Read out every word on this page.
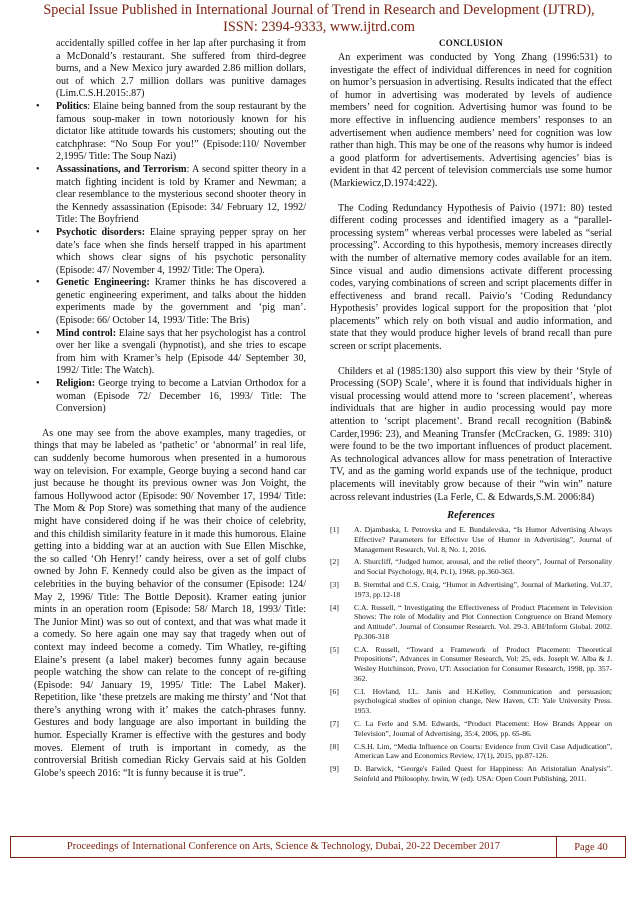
Special Issue Published in International Journal of Trend in Research and Development (IJTRD),
ISSN: 2394-9333, www.ijtrd.com
accidentally spilled coffee in her lap after purchasing it from a McDonald’s restaurant. She suffered from third-degree burns, and a New Mexico jury awarded 2.86 million dollars, out of which 2.7 million dollars was punitive damages (Lim.C.S.H.2015:.87)
• Politics: Elaine being banned from the soup restaurant by the famous soup-maker in town notoriously known for his dictator like attitude towards his customers; shouting out the catchphrase: “No Soup For you!” (Episode:110/ November 2,1995/ Title: The Soup Nazi)
• Assassinations, and Terrorism: A second spitter theory in a match fighting incident is told by Kramer and Newman; a clear resemblance to the mysterious second shooter theory in the Kennedy assassination (Episode: 34/ February 12, 1992/ Title: The Boyfriend
• Psychotic disorders: Elaine spraying pepper spray on her date’s face when she finds herself trapped in his apartment which shows clear signs of his psychotic personality (Episode: 47/ November 4, 1992/ Title: The Opera).
• Genetic Engineering: Kramer thinks he has discovered a genetic engineering experiment, and talks about the hidden experiments made by the government and ‘pig man’. (Episode: 66/ October 14, 1993/ Title: The Bris)
• Mind control: Elaine says that her psychologist has a control over her like a svengali (hypnotist), and she tries to escape from him with Kramer’s help (Episode 44/ September 30, 1992/ Title: The Watch).
• Religion: George trying to become a Latvian Orthodox for a woman (Episode 72/ December 16, 1993/ Title: The Conversion)

As one may see from the above examples, many tragedies, or things that may be labeled as ‘pathetic’ or ‘abnormal’ in real life, can suddenly become humorous when presented in a humorous way on television. For example, George buying a second hand car just because he thought its previous owner was Jon Voight, the famous Hollywood actor (Episode: 90/ November 17, 1994/ Title: The Mom & Pop Store) was something that many of the audience might have considered doing if he was their choice of celebrity, and this childish similarity feature in it made this humorous. Elaine getting into a bidding war at an auction with Sue Ellen Mischke, the so called ‘Oh Henry!’ candy heiress, over a set of golf clubs owned by John F. Kennedy could also be given as the impact of celebrities in the buying behavior of the consumer (Episode: 124/ May 2, 1996/ Title: The Bottle Deposit). Kramer eating junior mints in an operation room (Episode: 58/ March 18, 1993/ Title: The Junior Mint) was so out of context, and that was what made it a comedy. So here again one may say that tragedy when out of context may indeed become a comedy. Tim Whatley, re-gifting Elaine’s present (a label maker) becomes funny again because people watching the show can relate to the concept of re-gifting (Episode: 94/ January 19, 1995/ Title: The Label Maker). Repetition, like ‘these pretzels are making me thirsty’ and ‘Not that there’s anything wrong with it’ makes the catch-phrases funny. Gestures and body language are also important in building the humor. Especially Kramer is effective with the gestures and body moves. Element of truth is important in comedy, as the controversial British comedian Ricky Gervais said at his Golden Globe’s speech 2016: “It is funny because it is true”.

CONCLUSION

An experiment was conducted by Yong Zhang (1996:531) to investigate the effect of individual differences in need for cognition on humor’s persuasion in advertising. Results indicated that the effect of humor in advertising was moderated by levels of audience members’ need for cognition. Advertising humor was found to be more effective in influencing audience members’ responses to an advertisement when audience members’ need for cognition was low rather than high. This may be one of the reasons why humor is indeed a good platform for advertisements. Advertising agencies’ bias is evident in that 42 percent of television commercials use some humor (Markiewicz,D.1974:422).

The Coding Redundancy Hypothesis of Paivio (1971: 80) tested different coding processes and identified imagery as a “parallel-processing system” whereas verbal processes were labeled as “serial processing”. According to this hypothesis, memory increases directly with the number of alternative memory codes available for an item. Since visual and audio dimensions activate different processing codes, varying combinations of screen and script placements differ in effectiveness and brand recall. Paivio’s ‘Coding Redundancy Hypothesis’ provides logical support for the proposition that ‘plot placements” which rely on both visual and audio information, and state that they would produce higher levels of brand recall than pure screen or script placements.

Childers et al (1985:130) also support this view by their ‘Style of Processing (SOP) Scale’, where it is found that individuals higher in visual processing would attend more to ‘screen placement’, whereas individuals that are higher in audio processing would pay more attention to ‘script placement’. Brand recall recognition (Babin& Carder,1996: 23), and Meaning Transfer (McCracken, G. 1989: 310) were found to be the two important influences of product placement. As technological advances allow for mass penetration of Interactive TV, and as the gaming world expands use of the technique, product placements will inevitably grow because of their “win win” nature across relevant industries (La Ferle, C. & Edwards,S.M. 2006:84)

References
[1] A. Djambaska, I. Petrovska and E. Bundalevska, “Is Humor Advertising Always Effective? Parameters for Effective Use of Humor in Advertising”, Journal of Management Research, Vol. 8, No. 1, 2016.
[2] A. Shurcliff, “Judged humor, arousal, and the relief theory”, Journal of Personality and Social Psychology, 8(4, Pt.1), 1968, pp.360-363.
[3] B. Sternthal and C.S. Craig, “Humor in Advertising”, Journal of Marketing, Vol.37, 1973, pp.12-18
[4] C.A. Russell, “ Investigating the Effectiveness of Product Placement in Television Shows: The role of Modality and Plot Connection Congruence on Brand Memory and Attitude”. Journal of Consumer Research. Vol. 29-3. ABI/Inform Global. 2002. Pp.306-318
[5] C.A. Russell, “Toward a Framework of Product Placement: Theoretical Propositions”, Advances in Consumer Research, Vol: 25, eds. Joseph W. Alba & J. Wesley Hutchinson, Provo, UT: Association for Consumer Research, 1998, pp. 357-362.
[6] C.I. Hovland, I.L. Janis and H.Kelley, Communication and persuasion; psychological studies of opinion change, New Haven, CT: Yale University Press. 1953.
[7] C. La Ferle and S.M. Edwards, “Product Placement: How Brands Appear on Television”, Journal of Advertising, 35:4, 2006, pp. 65-86.
[8] C.S.H. Lim, “Media Influence on Courts: Evidence from Civil Case Adjudication”, American Law and Economics Review, 17(1), 2015, pp.87-126.
[9] D. Barwick, “George's Failed Quest for Happiness: An Aristotalian Analysis”. Seinfeld and Philosophy. Irwin, W (ed). USA: Open Court Publishing, 2011.
Proceedings of International Conference on Arts, Science & Technology, Dubai, 20-22 December 2017	Page 40
